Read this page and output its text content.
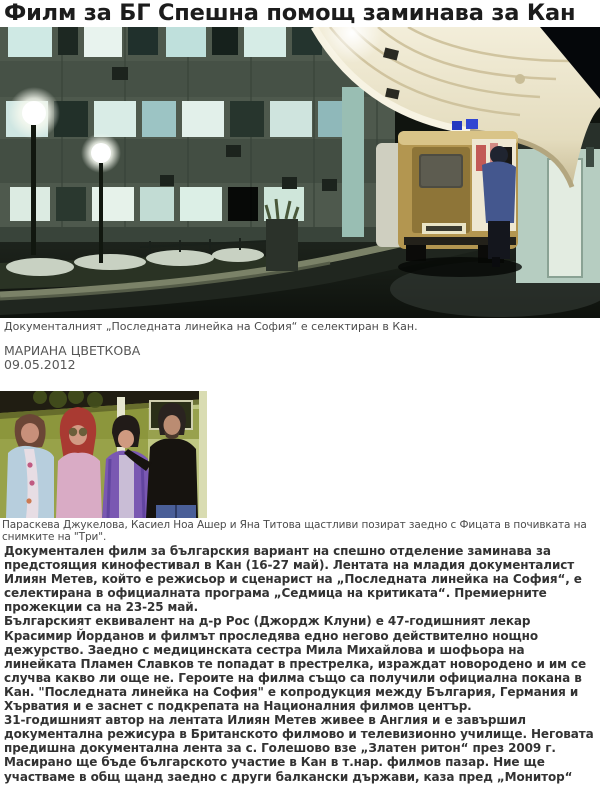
Филм за БГ Спешна помощ заминава за Кан
Документалният „Последната линейка на София“ е селектиран в Кан.
МАРИАНА ЦВЕТКОВА
09.05.2012
Параскева Джукелова, Касиел Ноа Ашер и Яна Титова щастливи позират заедно с Фицата в почивката на снимките на "Три".

Документален филм за българския вариант на спешно отделение заминава за предстоящия кинофестивал в Кан (16-27 май). Лентата на младия документалист Илиян Метев, който е режисьор и сценарист на „Последната линейка на София“, е селектирана в официалната програма „Седмица на критиката“. Премиерните прожекции са на 23-25 май.

Българският еквивалент на д-р Рос (Джордж Клуни) е 47-годишният лекар Красимир Йорданов и филмът проследява едно негово действително нощно дежурство. Заедно с медицинската сестра Мила Михайлова и шофьора на линейката Пламен Славков те попадат в престрелка, израждат новородено и им се случва какво ли още не. Героите на филма също са получили официална покана в Кан. "Последната линейка на София" е копродукция между България, Германия и Хърватия и е заснет с подкрепата на Националния филмов център.

31-годишният автор на лентата Илиян Метев живее в Англия и е завършил документална режисура в Британското филмово и телевизионно училище. Неговата предишна документална лента за с. Голешово взе „Златен ритон“ през 2009 г. Масирано ще бъде българското участие в Кан в т.нар. филмов пазар. Ние ще участваме в общ щанд заедно с други балкански държави, каза пред „Монитор“
